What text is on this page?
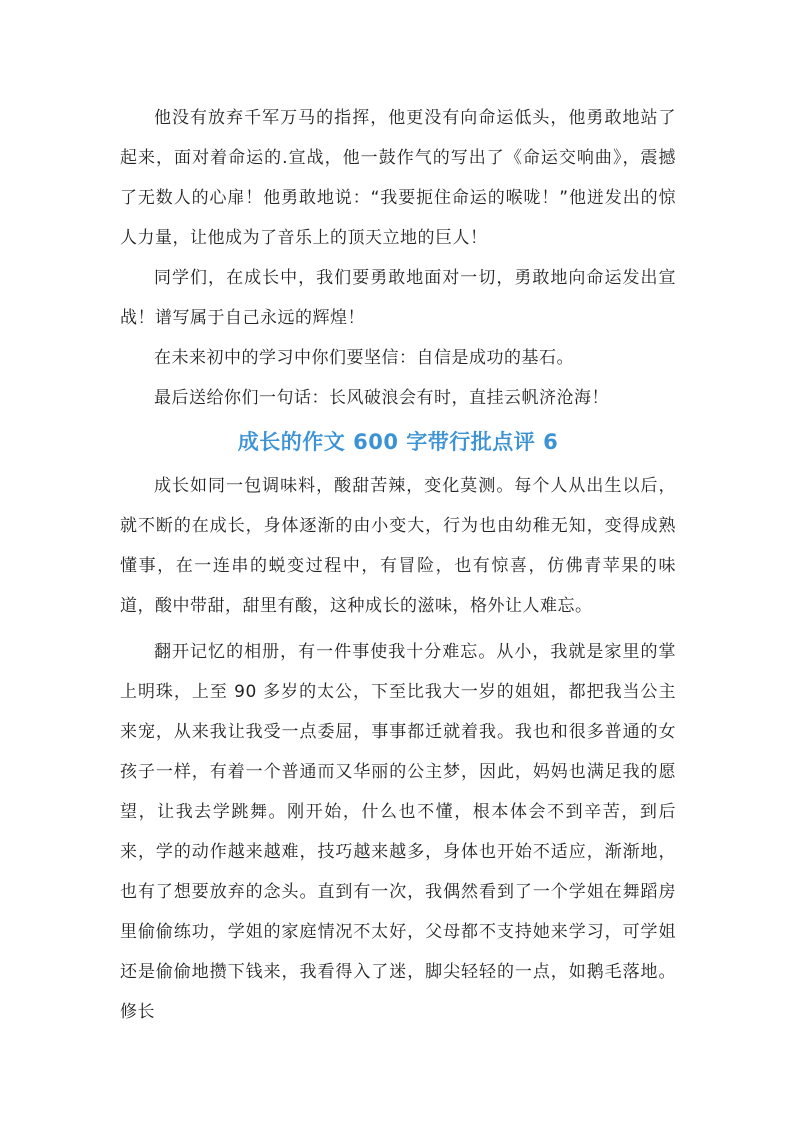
他没有放弃千军万马的指挥，他更没有向命运低头，他勇敢地站了起来，面对着命运的.宣战，他一鼓作气的写出了《命运交响曲》，震撼了无数人的心扉！他勇敢地说：“我要扼住命运的喉咙！”他迸发出的惊人力量，让他成为了音乐上的顶天立地的巨人！

同学们，在成长中，我们要勇敢地面对一切，勇敢地向命运发出宣战！谱写属于自己永远的辉煌！

在未来初中的学习中你们要坚信：自信是成功的基石。

最后送给你们一句话：长风破浪会有时，直挂云帆济沧海！

成长的作文 600 字带行批点评 6

成长如同一包调味料，酸甜苦辣，变化莫测。每个人从出生以后，就不断的在成长，身体逐渐的由小变大，行为也由幼稚无知，变得成熟懂事，在一连串的蜕变过程中，有冒险，也有惊喜，仿佛青苹果的味道，酸中带甜，甜里有酸，这种成长的滋味，格外让人难忘。

翻开记忆的相册，有一件事使我十分难忘。从小，我就是家里的掌上明珠，上至 90 多岁的太公，下至比我大一岁的姐姐，都把我当公主来宠，从来我让我受一点委屈，事事都迁就着我。我也和很多普通的女孩子一样，有着一个普通而又华丽的公主梦，因此，妈妈也满足我的愿望，让我去学跳舞。刚开始，什么也不懂，根本体会不到辛苦，到后来，学的动作越来越难，技巧越来越多，身体也开始不适应，渐渐地，也有了想要放弃的念头。直到有一次，我偶然看到了一个学姐在舞蹈房里偷偷练功，学姐的家庭情况不太好，父母都不支持她来学习，可学姐还是偷偷地攒下钱来，我看得入了迷，脚尖轻轻的一点，如鹅毛落地。修长
